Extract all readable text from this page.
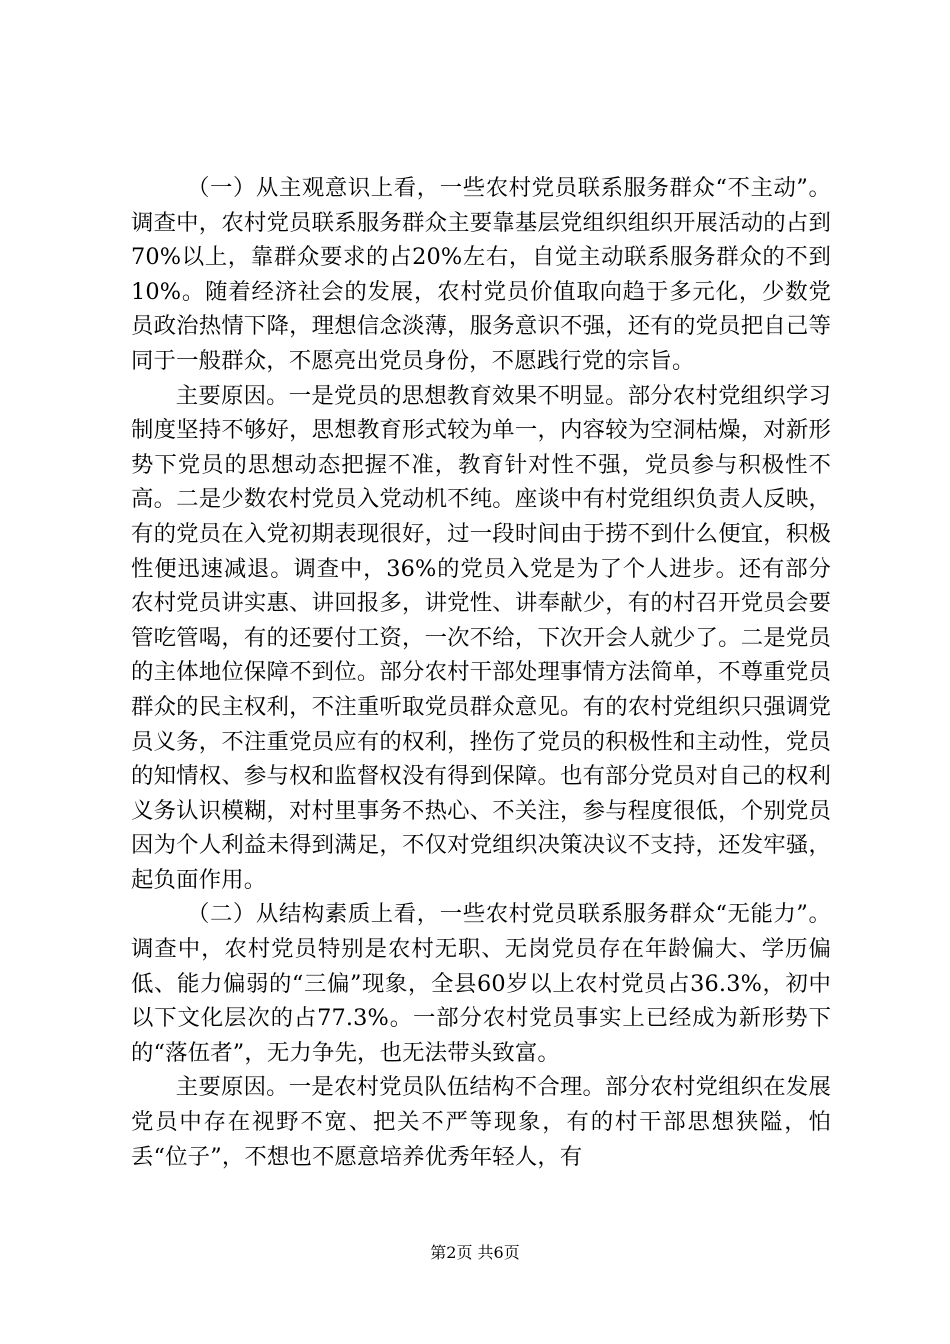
（一）从主观意识上看，一些农村党员联系服务群众“不主动”。调查中，农村党员联系服务群众主要靠基层党组织组织开展活动的占到70%以上，靠群众要求的占20%左右，自觉主动联系服务群众的不到10%。随着经济社会的发展，农村党员价值取向趋于多元化，少数党员政治热情下降，理想信念淡薄，服务意识不强，还有的党员把自己等同于一般群众，不愿亮出党员身份，不愿践行党的宗旨。

主要原因。一是党员的思想教育效果不明显。部分农村党组织学习制度坚持不够好，思想教育形式较为单一，内容较为空洞枯燥，对新形势下党员的思想动态把握不准，教育针对性不强，党员参与积极性不高。二是少数农村党员入党动机不纯。座谈中有村党组织负责人反映，有的党员在入党初期表现很好，过一段时间由于捞不到什么便宜，积极性便迅速减退。调查中，36%的党员入党是为了个人进步。还有部分农村党员讲实惠、讲回报多，讲党性、讲奉献少，有的村召开党员会要管吃管喝，有的还要付工资，一次不给，下次开会人就少了。二是党员的主体地位保障不到位。部分农村干部处理事情方法简单，不尊重党员群众的民主权利，不注重听取党员群众意见。有的农村党组织只强调党员义务，不注重党员应有的权利，挫伤了党员的积极性和主动性，党员的知情权、参与权和监督权没有得到保障。也有部分党员对自己的权利义务认识模糊，对村里事务不热心、不关注，参与程度很低，个别党员因为个人利益未得到满足，不仅对党组织决策决议不支持，还发牢骚，起负面作用。

（二）从结构素质上看，一些农村党员联系服务群众“无能力”。调查中，农村党员特别是农村无职、无岗党员存在年龄偏大、学历偏低、能力偏弱的“三偏”现象，全县60岁以上农村党员占36.3%，初中以下文化层次的占77.3%。一部分农村党员事实上已经成为新形势下的“落伍者”，无力争先，也无法带头致富。

主要原因。一是农村党员队伍结构不合理。部分农村党组织在发展党员中存在视野不宽、把关不严等现象，有的村干部思想狭隘，怕丢“位子”，不想也不愿意培养优秀年轻人，有

第2页 共6页
